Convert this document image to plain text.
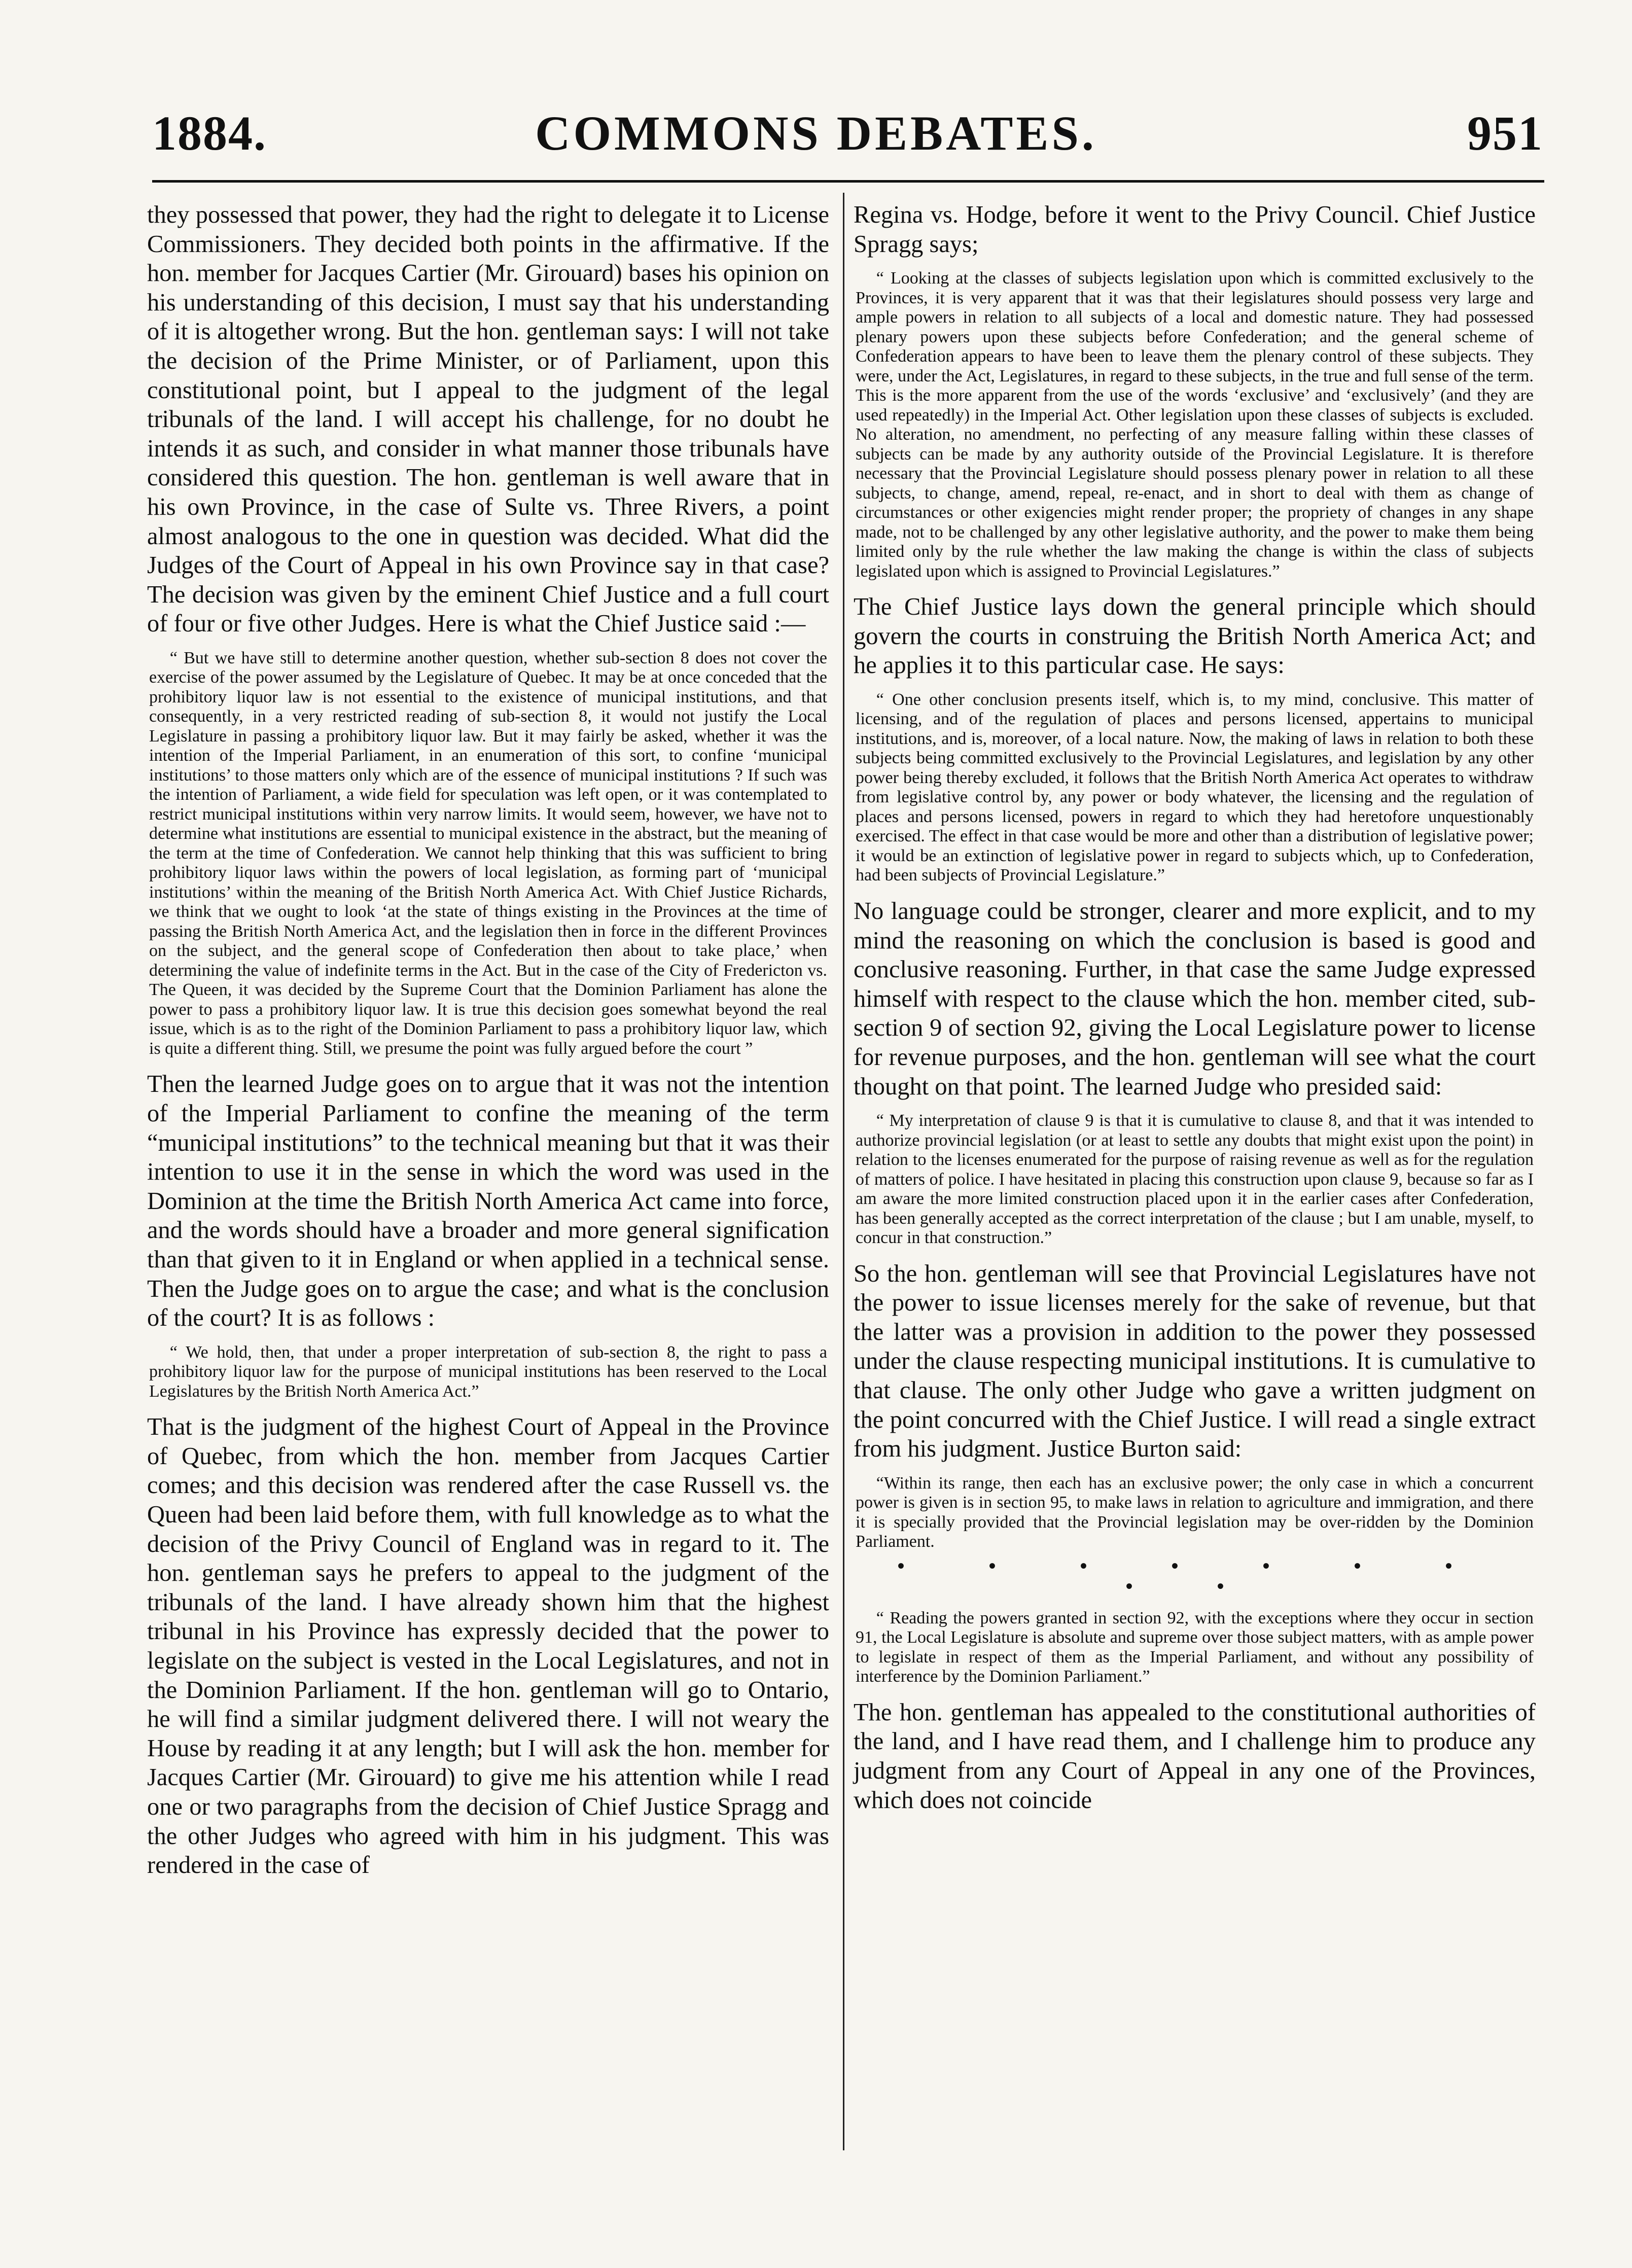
COMMONS DEBATES.
1884.	951

they possessed that power, they had the right to delegate it to License Commissioners. They decided both points in the affirmative. If the hon. member for Jacques Cartier (Mr. Girouard) bases his opinion on his understanding of this decision, I must say that his understanding of it is altogether wrong. But the hon. gentleman says: I will not take the decision of the Prime Minister, or of Parliament, upon this constitutional point, but I appeal to the judgment of the legal tribunals of the land. I will accept his challenge, for no doubt he intends it as such, and consider in what manner those tribunals have considered this question. The hon. gentleman is well aware that in his own Province, in the case of Sulte vs. Three Rivers, a point almost analogous to the one in question was decided. What did the Judges of the Court of Appeal in his own Province say in that case? The decision was given by the eminent Chief Justice and a full court of four or five other Judges. Here is what the Chief Justice said :—

“ But we have still to determine another question, whether sub-section 8 does not cover the exercise of the power assumed by the Legislature of Quebec. It may be at once conceded that the prohibitory liquor law is not essential to the existence of municipal institutions, and that consequently, in a very restricted reading of sub-section 8, it would not justify the Local Legislature in passing a prohibitory liquor law. But it may fairly be asked, whether it was the intention of the Imperial Parliament, in an enumeration of this sort, to confine ‘municipal institutions’ to those matters only which are of the essence of municipal institutions ? If such was the intention of Parliament, a wide field for speculation was left open, or it was contemplated to restrict municipal institutions within very narrow limits. It would seem, however, we have not to determine what institutions are essential to municipal existence in the abstract, but the meaning of the term at the time of Confederation. We cannot help thinking that this was sufficient to bring prohibitory liquor laws within the powers of local legislation, as forming part of ‘municipal institutions’ within the meaning of the British North America Act. With Chief Justice Richards, we think that we ought to look ‘at the state of things existing in the Provinces at the time of passing the British North America Act, and the legislation then in force in the different Provinces on the subject, and the general scope of Confederation then about to take place,’ when determining the value of indefinite terms in the Act. But in the case of the City of Fredericton vs. The Queen, it was decided by the Supreme Court that the Dominion Parliament has alone the power to pass a prohibitory liquor law. It is true this decision goes somewhat beyond the real issue, which is as to the right of the Dominion Parliament to pass a prohibitory liquor law, which is quite a different thing. Still, we presume the point was fully argued before the court ”

Then the learned Judge goes on to argue that it was not the intention of the Imperial Parliament to confine the meaning of the term “municipal institutions” to the technical meaning but that it was their intention to use it in the sense in which the word was used in the Dominion at the time the British North America Act came into force, and the words should have a broader and more general signification than that given to it in England or when applied in a technical sense. Then the Judge goes on to argue the case; and what is the conclusion of the court? It is as follows :

“ We hold, then, that under a proper interpretation of sub-section 8, the right to pass a prohibitory liquor law for the purpose of municipal institutions has been reserved to the Local Legislatures by the British North America Act.”

That is the judgment of the highest Court of Appeal in the Province of Quebec, from which the hon. member from Jacques Cartier comes; and this decision was rendered after the case Russell vs. the Queen had been laid before them, with full knowledge as to what the decision of the Privy Council of England was in regard to it. The hon. gentleman says he prefers to appeal to the judgment of the tribunals of the land. I have already shown him that the highest tribunal in his Province has expressly decided that the power to legislate on the subject is vested in the Local Legislatures, and not in the Dominion Parliament. If the hon. gentleman will go to Ontario, he will find a similar judgment delivered there. I will not weary the House by reading it at any length; but I will ask the hon. member for Jacques Cartier (Mr. Girouard) to give me his attention while I read one or two paragraphs from the decision of Chief Justice Spragg and the other Judges who agreed with him in his judgment. This was rendered in the case of

Regina vs. Hodge, before it went to the Privy Council. Chief Justice Spragg says;

“ Looking at the classes of subjects legislation upon which is committed exclusively to the Provinces, it is very apparent that it was that their legislatures should possess very large and ample powers in relation to all subjects of a local and domestic nature. They had possessed plenary powers upon these subjects before Confederation; and the general scheme of Confederation appears to have been to leave them the plenary control of these subjects. They were, under the Act, Legislatures, in regard to these subjects, in the true and full sense of the term. This is the more apparent from the use of the words ‘exclusive’ and ‘exclusively’ (and they are used repeatedly) in the Imperial Act. Other legislation upon these classes of subjects is excluded. No alteration, no amendment, no perfecting of any measure falling within these classes of subjects can be made by any authority outside of the Provincial Legislature. It is therefore necessary that the Provincial Legislature should possess plenary power in relation to all these subjects, to change, amend, repeal, re-enact, and in short to deal with them as change of circumstances or other exigencies might render proper; the propriety of changes in any shape made, not to be challenged by any other legislative authority, and the power to make them being limited only by the rule whether the law making the change is within the class of subjects legislated upon which is assigned to Provincial Legislatures.”

The Chief Justice lays down the general principle which should govern the courts in construing the British North America Act; and he applies it to this particular case. He says:

“ One other conclusion presents itself, which is, to my mind, conclusive. This matter of licensing, and of the regulation of places and persons licensed, appertains to municipal institutions, and is, moreover, of a local nature. Now, the making of laws in relation to both these subjects being committed exclusively to the Provincial Legislatures, and legislation by any other power being thereby excluded, it follows that the British North America Act operates to withdraw from legislative control by, any power or body whatever, the licensing and the regulation of places and persons licensed, powers in regard to which they had heretofore unquestionably exercised. The effect in that case would be more and other than a distribution of legislative power; it would be an extinction of legislative power in regard to subjects which, up to Confederation, had been subjects of Provincial Legislature.”

No language could be stronger, clearer and more explicit, and to my mind the reasoning on which the conclusion is based is good and conclusive reasoning. Further, in that case the same Judge expressed himself with respect to the clause which the hon. member cited, sub-section 9 of section 92, giving the Local Legislature power to license for revenue purposes, and the hon. gentleman will see what the court thought on that point. The learned Judge who presided said:

“ My interpretation of clause 9 is that it is cumulative to clause 8, and that it was intended to authorize provincial legislation (or at least to settle any doubts that might exist upon the point) in relation to the licenses enumerated for the purpose of raising revenue as well as for the regulation of matters of police. I have hesitated in placing this construction upon clause 9, because so far as I am aware the more limited construction placed upon it in the earlier cases after Confederation, has been generally accepted as the correct interpretation of the clause ; but I am unable, myself, to concur in that construction.”

So the hon. gentleman will see that Provincial Legislatures have not the power to issue licenses merely for the sake of revenue, but that the latter was a provision in addition to the power they possessed under the clause respecting municipal institutions. It is cumulative to that clause. The only other Judge who gave a written judgment on the point concurred with the Chief Justice. I will read a single extract from his judgment. Justice Burton said:

“Within its range, then each has an exclusive power; the only case in which a concurrent power is given is in section 95, to make laws in relation to agriculture and immigration, and there it is specially provided that the Provincial legislation may be over-ridden by the Dominion Parliament.
• • • • • • • • •
“ Reading the powers granted in section 92, with the exceptions where they occur in section 91, the Local Legislature is absolute and supreme over those subject matters, with as ample power to legislate in respect of them as the Imperial Parliament, and without any possibility of interference by the Dominion Parliament.”

The hon. gentleman has appealed to the constitutional authorities of the land, and I have read them, and I challenge him to produce any judgment from any Court of Appeal in any one of the Provinces, which does not coincide
